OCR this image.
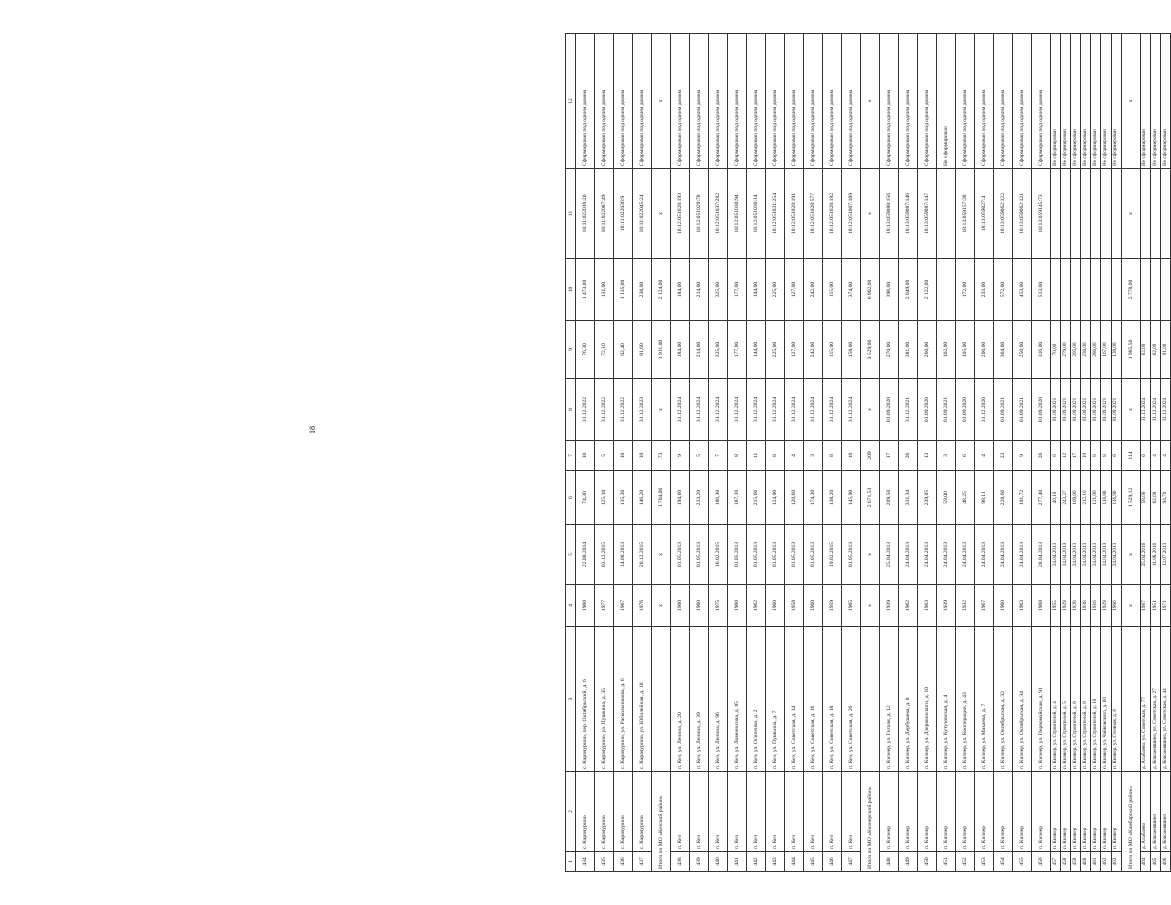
18
1	2	3	4	5	6	7	8	9	10	11	12
434	с. Карачурино	с. Карачурино, пер. Октябрьский, д. 6	1960	22.08.2014	74,30	10	31.12.2022	76,30	1 473,00	18:11:022016:20	Сформирован под одним домом
435	с. Карачурино	с. Карачурино, ул. Пушкина, д. 35	1977	03.12.2015	125,10	5	31.12.2022	72,10	131,00	18:11:022087:49	Сформирован под одним домом
436	с. Карачурино	с. Карачурино, ул. Раскольникова, д. 6	1967	14.08.2013	135,30	10	31.12.2022	82,40	1 135,00	18:11:022036:9	Сформирован под одним домом
437	с. Карачурино	с. Карачурино, ул. Юбилейная, д. 18	1976	28.12.2015	146,20	10	31.12.2023	81,60	238,00	18:11:022045:24	Сформирован под одним домом
Итого по МО «Кезский район»			х	х	1 704,06	73	х	1 911,00	2 124,00	х	х
438	п. Кез	п. Кез, ул. Ленина, д. 20	1960	01.05.2013	194,60	9	31.12.2024	184,00	184,00	18:12:051028:193	Сформирован под одним домом
439	п. Кез	п. Кез, ул. Ленина, д. 39	1960	01.05.2013	233,20	5	31.12.2024	214,00	214,00	18:12:051029:78	Сформирован под одним домом
440	п. Кез	п. Кез, ул. Ленина, д. 96	1975	16.02.2015	186,30	7	31.12.2024	325,00	325,00	18:12:051037:282	Сформирован под одним домом
441	п. Кез	п. Кез, ул. Ломоносова, д. 85	1960	01.05.2013	187,10	8	31.12.2024	177,00	177,00	18:12:051030:94	Сформирован под одним домом
442	п. Кез	п. Кез, ул. Осипенко, д. 2	1962	01.05.2013	215,66	11	31.12.2024	144,00	144,00	18:12:051030:14	Сформирован под одним домом
443	п. Кез	п. Кез, ул. Пушкина, д. 7	1960	01.05.2013	124,90	8	31.12.2024	225,00	225,00	18:12:051031:254	Сформирован под одним домом
444	п. Кез	п. Кез, ул. Советская, д. 14	1958	01.05.2013	120,60	4	31.12.2024	127,00	127,00	18:12:051028:191	Сформирован под одним домом
445	п. Кез	п. Кез, ул. Советская, д. 16	1960	01.05.2013	174,30	3	31.12.2024	242,00	242,00	18:12:051028:577	Сформирован под одним домом
446	п. Кез	п. Кез, ул. Советская, д. 18	1959	19.02.2015	138,20	8	31.12.2024	115,00	115,00	18:12:051028:192	Сформирован под одним домом
447	п. Кез	п. Кез, ул. Советская, д. 26	1965	01.05.2013	145,90	10	31.12.2024	158,00	374,00	18:12:051007:189	Сформирован под одним домом
Итого по МО «Кизнерский район»			х	х	2 671,53	209	х	3 529,00	6 902,00	х	х
448	п. Кизнер	п. Кизнер, ул. Гоголя, д. 12	1939	25.04.2013	209,50	17	01.09.2020	270,00	396,00	18:13:059088:156	Сформирован под одним домом
449	п. Кизнер	п. Кизнер, ул. Дербушева, д. 8	1962	24.04.2013	331,34	26	31.12.2021	381,00	2 049,00	18:13:059087:146	Сформирован под одним домом
450	п. Кизнер	п. Кизнер, ул. Дзержинского, д. 10	1963	24.04.2013	239,05	13	01.09.2020	260,00	2 122,00	18:13:059087:147	Сформирован под одним домом
451	п. Кизнер	п. Кизнер, ул. Кутузовская, д. 4	1939	24.04.2013	59,00	3	01.09.2021	102,00			Не сформирован
452	п. Кизнер	п. Кизнер, ул. Кооперации, д. 43	1932	24.04.2013	48,25	6	01.09.2020	105,00	172,00	18:13:059157:38	Сформирован под одним домом
453	п. Кизнер	п. Кизнер, ул. Макаева, д. 7	1967	24.04.2013	98,11	4	31.12.2020	200,00	233,00	18:13:059027:4	Сформирован под одним домом
454	п. Кизнер	п. Кизнер, ул. Октябрьская, д. 32	1960	24.04.2013	228,66	23	01.09.2021	304,00	572,00	18:13:059062:122	Сформирован под одним домом
455	п. Кизнер	п. Кизнер, ул. Октябрьская, д. 34	1963	24.04.2013	191,72	9	01.09.2021	250,00	453,00	18:13:059062:121	Сформирован под одним домом
456	п. Кизнер	п. Кизнер, ул. Первомайская, д. 91	1968	28.04.2013	277,40	26	01.09.2020	316,00	513,00	18:13:059145:73	Сформирован под одним домом
457	п. Кизнер	п. Кизнер, ул. Строителей, д. 4	1955	24.04.2013	40,10	6	01.09.2021	70,00			Не сформирован
458	п. Кизнер	п. Кизнер, ул. Строителей, д. 5	1929	24.04.2013	243,37	12	01.09.2021	279,00			Не сформирован
459	п. Кизнер	п. Кизнер, ул. Строителей, д. 6	1928	24.04.2013	169,90	17	01.09.2021	205,00			Не сформирован
460	п. Кизнер	п. Кизнер, ул. Строителей, д. 8	1938	24.04.2013	212,10	19	01.09.2021	236,00			Не сформирован
461	п. Кизнер	п. Кизнер, ул. Строителей, д. 10	1916	24.04.2013	121,90	8	01.09.2021	286,00			Не сформирован
462	п. Кизнер	п. Кизнер, ул. Чайковского, д. 60	1929	24.04.2013	116,88	8	01.09.2021	167,00			Не сформирован
463	п. Кизнер	п. Кизнер, ул. Сточная, д. 6	1966	24.04.2013	116,90	6	01.09.2021	138,00			Не сформирован
Итого по МО «Камбарский район»			х	х	1 529,12	114	х	1 985,50	2 778,00	х	х
464	д. Алабаево	д. Алабаево, ул. Советская, д. 77	1987	25.04.2016	58,00	6	31.12.2024	62,00			Не сформирован
465	д. Кокоаевшино	д. Кокоаевшино, ул. Советская, д. 27	1951	11.08.2016	62,00	4	31.12.2024	62,00			Не сформирован
466	д. Кокоаевшино	д. Кокоаевшино, ул. Советская, д. 44	1971	12.07.2013	94,70	4	31.12.2024	91,00			Не сформирован
